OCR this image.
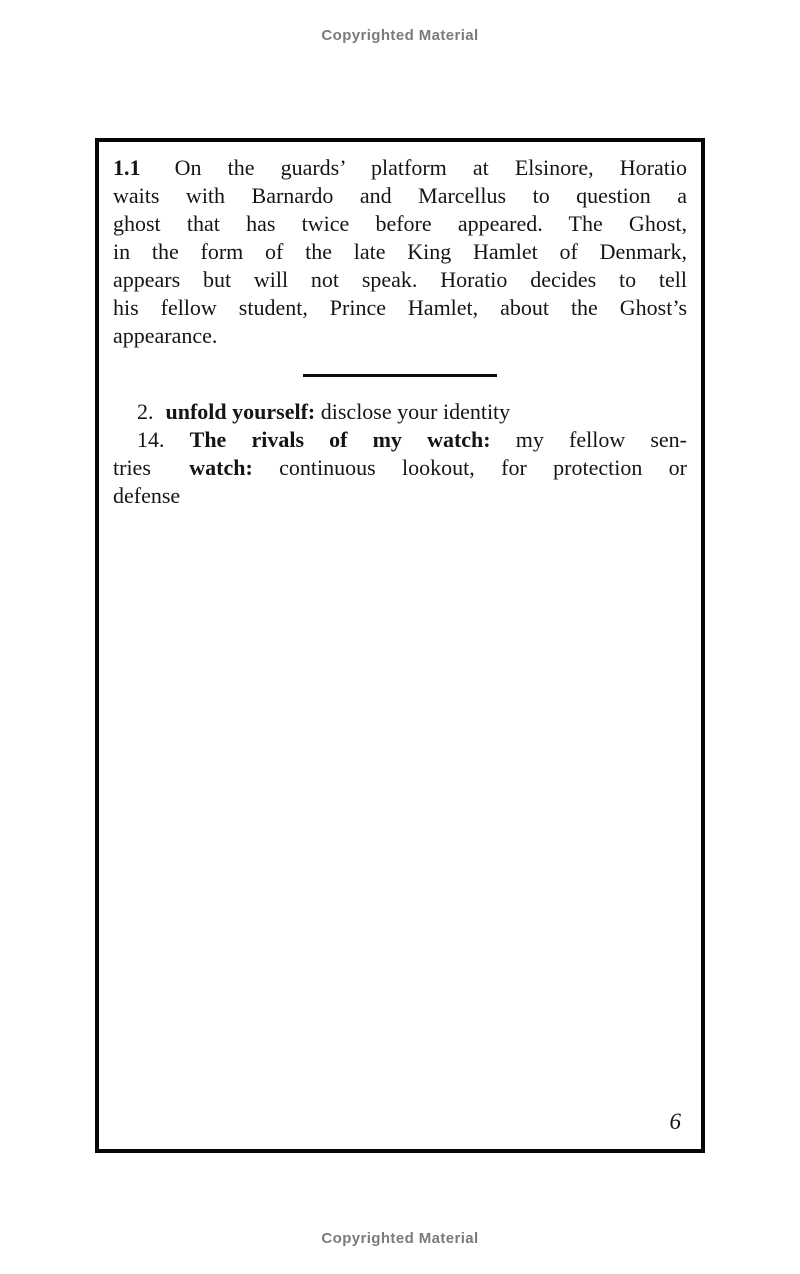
Copyrighted Material
1.1 On the guards’ platform at Elsinore, Horatio
waits with Barnardo and Marcellus to question a
ghost that has twice before appeared. The Ghost,
in the form of the late King Hamlet of Denmark,
appears but will not speak. Horatio decides to tell
his fellow student, Prince Hamlet, about the Ghost’s
appearance.
2. unfold yourself: disclose your identity
14. The rivals of my watch: my fellow sen-
tries watch: continuous lookout, for protection or
defense
6
Copyrighted Material
